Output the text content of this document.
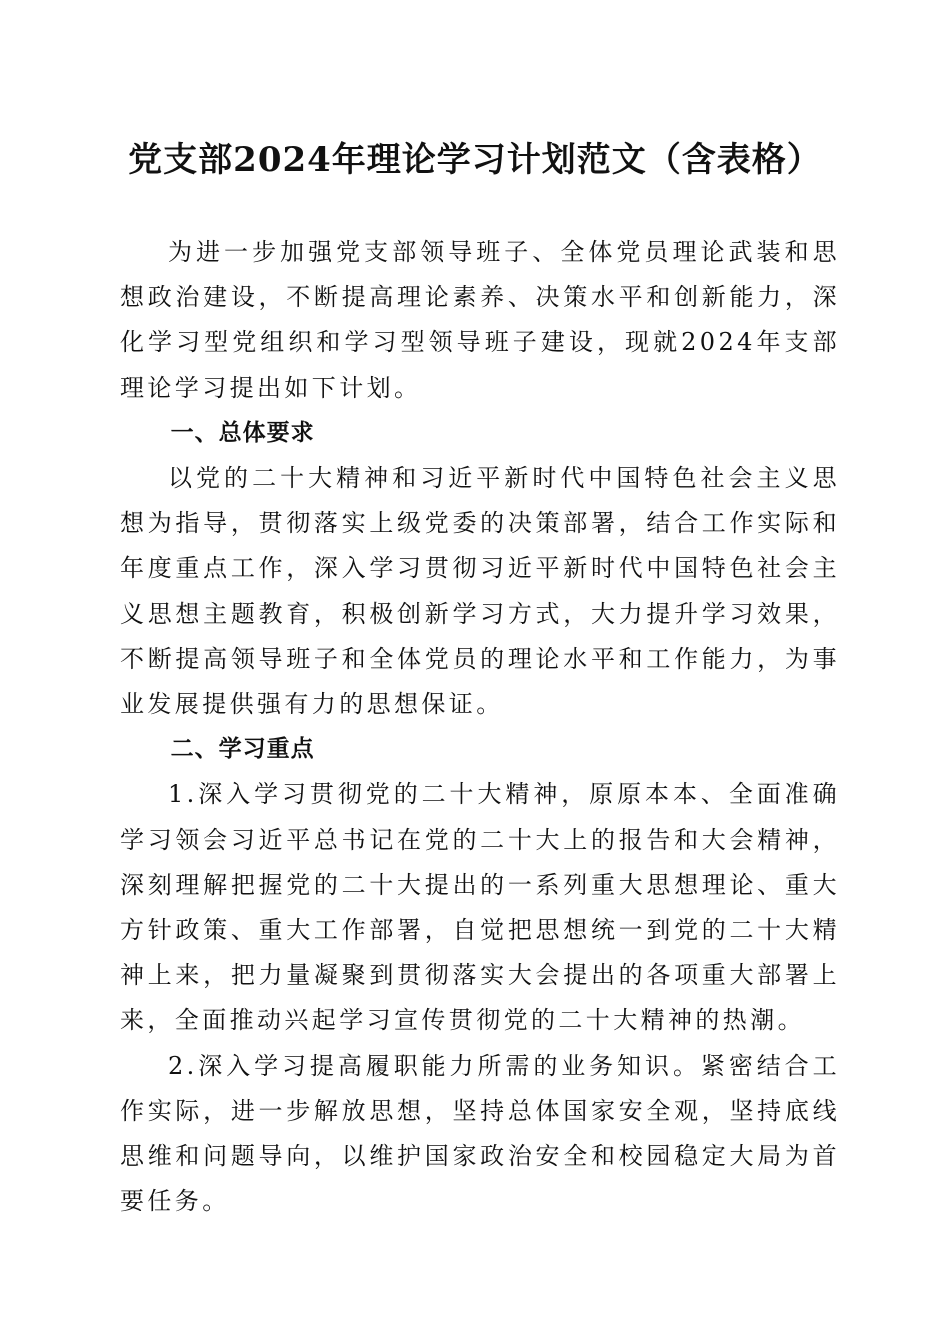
党支部2024年理论学习计划范文（含表格）

为进一步加强党支部领导班子、全体党员理论武装和思想政治建设，不断提高理论素养、决策水平和创新能力，深化学习型党组织和学习型领导班子建设，现就2024年支部理论学习提出如下计划。

一、总体要求

以党的二十大精神和习近平新时代中国特色社会主义思想为指导，贯彻落实上级党委的决策部署，结合工作实际和年度重点工作，深入学习贯彻习近平新时代中国特色社会主义思想主题教育，积极创新学习方式，大力提升学习效果，不断提高领导班子和全体党员的理论水平和工作能力，为事业发展提供强有力的思想保证。

二、学习重点

1.深入学习贯彻党的二十大精神，原原本本、全面准确学习领会习近平总书记在党的二十大上的报告和大会精神，深刻理解把握党的二十大提出的一系列重大思想理论、重大方针政策、重大工作部署，自觉把思想统一到党的二十大精神上来，把力量凝聚到贯彻落实大会提出的各项重大部署上来，全面推动兴起学习宣传贯彻党的二十大精神的热潮。

2.深入学习提高履职能力所需的业务知识。紧密结合工作实际，进一步解放思想，坚持总体国家安全观，坚持底线思维和问题导向，以维护国家政治安全和校园稳定大局为首要任务。
